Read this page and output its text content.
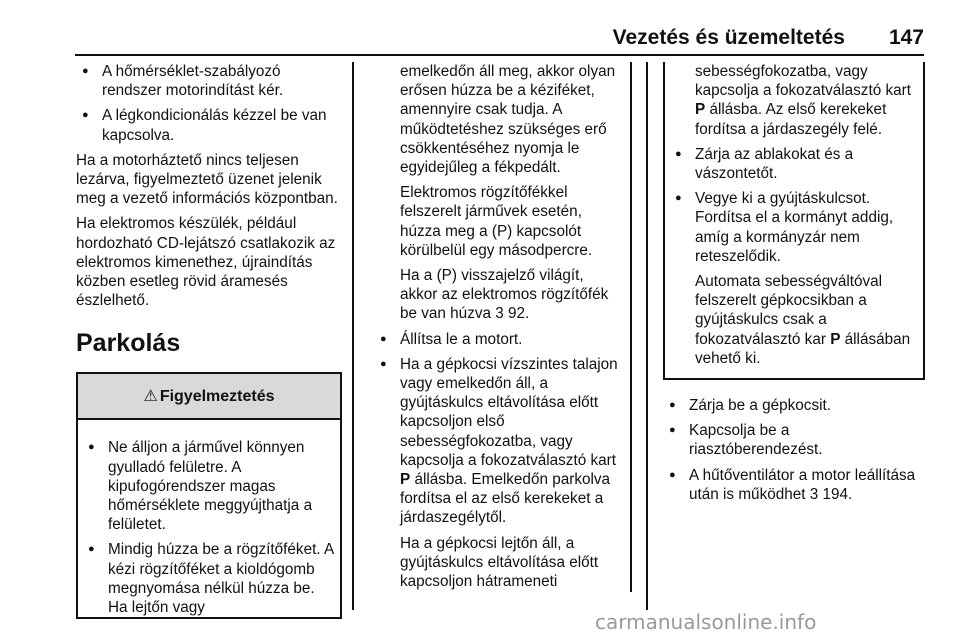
Vezetés és üzemeltetés 147
● A hőmérséklet-szabályozó rendszer motorindítást kér.
● A légkondicionálás kézzel be van kapcsolva.

Ha a motorháztető nincs teljesen lezárva, figyelmeztető üzenet jelenik meg a vezető információs központban.

Ha elektromos készülék, például hordozható CD-lejátszó csatlakozik az elektromos kimenethez, újraindítás közben esetleg rövid áramesés észlelhető.

Parkolás
⚠ Figyelmeztetés
● Ne álljon a járművel könnyen gyulladó felületre. A kipufogórendszer magas hőmérséklete meggyújthatja a felületet.
● Mindig húzza be a rögzítőféket. A kézi rögzítőféket a kioldógomb megnyomása nélkül húzza be. Ha lejtőn vagy

emelkedőn áll meg, akkor olyan erősen húzza be a kéziféket, amennyire csak tudja. A működtetéshez szükséges erő csökkentéséhez nyomja le egyidejűleg a fékpedált.

Elektromos rögzítőfékkel felszerelt járművek esetén, húzza meg a (P) kapcsolót körülbelül egy másodpercre.

Ha a (P) visszajelző világít, akkor az elektromos rögzítőfék be van húzva 3 92.

● Állítsa le a motort.
● Ha a gépkocsi vízszintes talajon vagy emelkedőn áll, a gyújtáskulcs eltávolítása előtt kapcsoljon első sebességfokozatba, vagy kapcsolja a fokozatválasztó kart P állásba. Emelkedőn parkolva fordítsa el az első kerekeket a járdaszegélytől.

Ha a gépkocsi lejtőn áll, a gyújtáskulcs eltávolítása előtt kapcsoljon hátrameneti

sebességfokozatba, vagy kapcsolja a fokozatválasztó kart P állásba. Az első kerekeket fordítsa a járdaszegély felé.

● Zárja az ablakokat és a vászontetőt.
● Vegye ki a gyújtáskulcsot. Fordítsa el a kormányt addig, amíg a kormányzár nem reteszelődik.

Automata sebességváltóval felszerelt gépkocsikban a gyújtáskulcs csak a fokozatválasztó kar P állásában vehető ki.

● Zárja be a gépkocsit.
● Kapcsolja be a riasztóberendezést.
● A hűtőventilátor a motor leállítása után is működhet 3 194.
carmanualsonline.info
